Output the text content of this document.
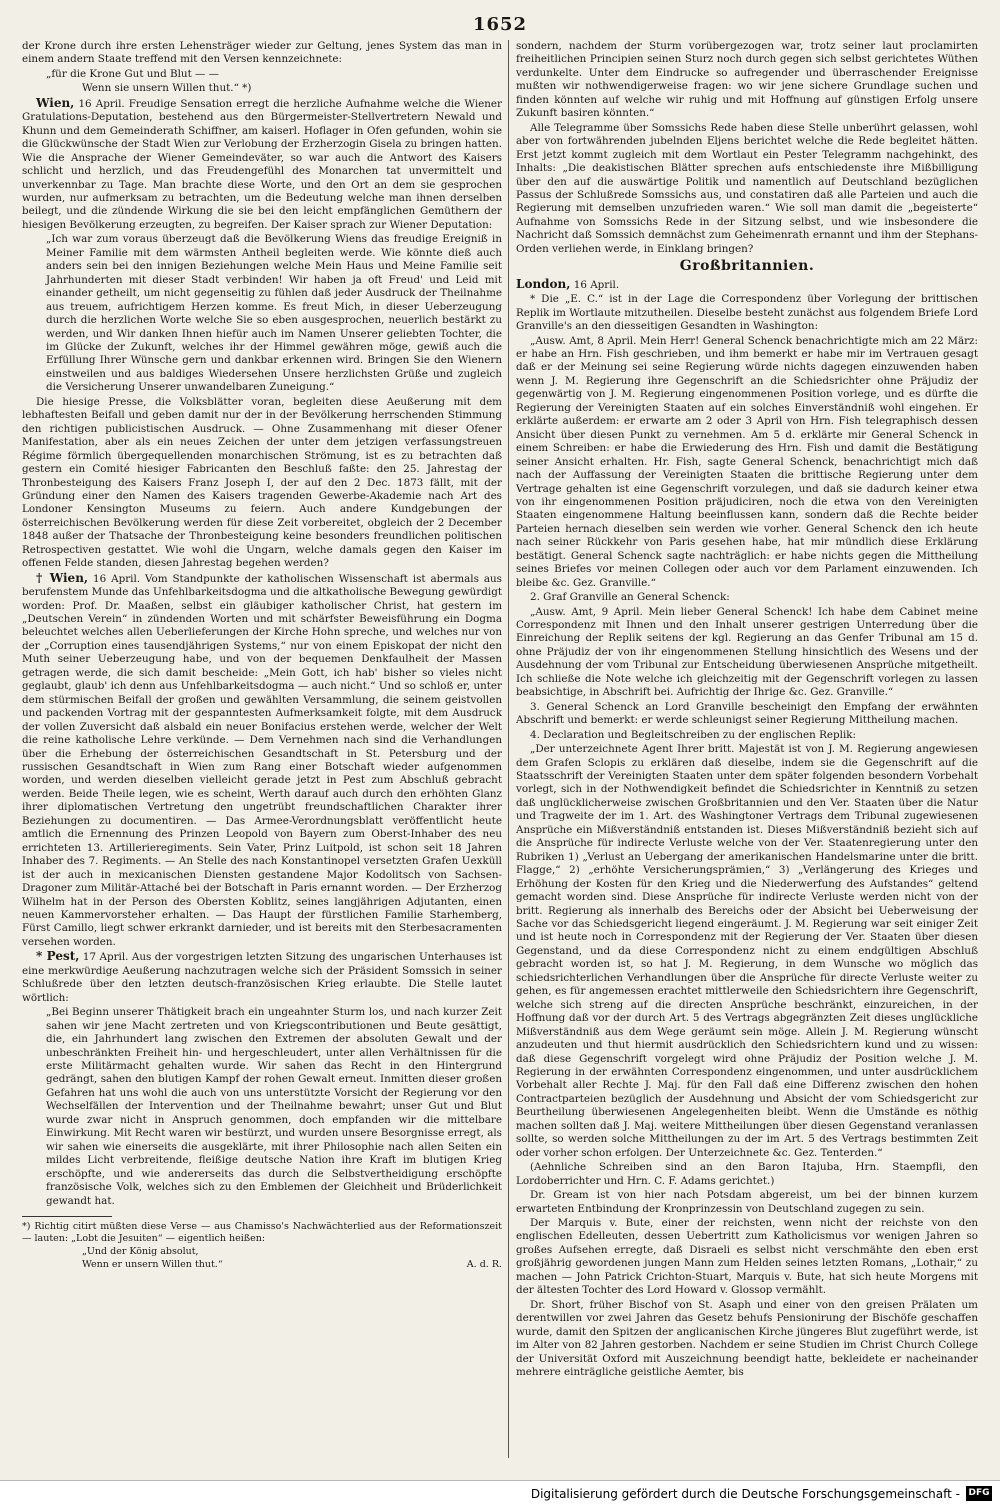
1652

der Krone durch ihre ersten Lehensträger wieder zur Geltung, jenes System das man in einem andern Staate treffend mit den Versen kennzeichnete:

„für die Krone Gut und Blut — —

Wenn sie unsern Willen thut.“ *)

Wien, 16 April. Freudige Sensation erregt die herzliche Aufnahme welche die Wiener Gratulations-Deputation, bestehend aus den Bürgermeister-Stellvertretern Newald und Khunn und dem Gemeinderath Schiffner, am kaiserl. Hoflager in Ofen gefunden, wohin sie die Glückwünsche der Stadt Wien zur Verlobung der Erzherzogin Gisela zu bringen hatten. Wie die Ansprache der Wiener Gemeindeväter, so war auch die Antwort des Kaisers schlicht und herzlich, und das Freudengefühl des Monarchen tat unvermittelt und unverkennbar zu Tage. Man brachte diese Worte, und den Ort an dem sie gesprochen wurden, nur aufmerksam zu betrachten, um die Bedeutung welche man ihnen derselben beilegt, und die zündende Wirkung die sie bei den leicht empfänglichen Gemüthern der hiesigen Bevölkerung erzeugten, zu begreifen. Der Kaiser sprach zur Wiener Deputation:

„Ich war zum voraus überzeugt daß die Bevölkerung Wiens das freudige Ereigniß in Meiner Familie mit dem wärmsten Antheil begleiten werde. Wie könnte dieß auch anders sein bei den innigen Beziehungen welche Mein Haus und Meine Familie seit Jahrhunderten mit dieser Stadt verbinden! Wir haben ja oft Freud' und Leid mit einander getheilt, um nicht gegenseitig zu fühlen daß jeder Ausdruck der Theilnahme aus treuem, aufrichtigem Herzen komme. Es freut Mich, in dieser Ueberzeugung durch die herzlichen Worte welche Sie so eben ausgesprochen, neuerlich bestärkt zu werden, und Wir danken Ihnen hiefür auch im Namen Unserer geliebten Tochter, die im Glücke der Zukunft, welches ihr der Himmel gewähren möge, gewiß auch die Erfüllung Ihrer Wünsche gern und dankbar erkennen wird. Bringen Sie den Wienern einstweilen und aus baldiges Wiedersehen Unsere herzlichsten Grüße und zugleich die Versicherung Unserer unwandelbaren Zuneigung.“

Die hiesige Presse, die Volksblätter voran, begleiten diese Aeußerung mit dem lebhaftesten Beifall und geben damit nur der in der Bevölkerung herrschenden Stimmung den richtigen publicistischen Ausdruck. — Ohne Zusammenhang mit dieser Ofener Manifestation, aber als ein neues Zeichen der unter dem jetzigen verfassungstreuen Régime förmlich übergequellenden monarchischen Strömung, ist es zu betrachten daß gestern ein Comité hiesiger Fabricanten den Beschluß faßte: den 25. Jahrestag der Thronbesteigung des Kaisers Franz Joseph I, der auf den 2 Dec. 1873 fällt, mit der Gründung einer den Namen des Kaisers tragenden Gewerbe-Akademie nach Art des Londoner Kensington Museums zu feiern. Auch andere Kundgebungen der österreichischen Bevölkerung werden für diese Zeit vorbereitet, obgleich der 2 December 1848 außer der Thatsache der Thronbesteigung keine besonders freundlichen politischen Retrospectiven gestattet. Wie wohl die Ungarn, welche damals gegen den Kaiser im offenen Felde standen, diesen Jahrestag begehen werden?

† Wien, 16 April. Vom Standpunkte der katholischen Wissenschaft ist abermals aus berufenstem Munde das Unfehlbarkeitsdogma und die altkatholische Bewegung gewürdigt worden: Prof. Dr. Maaßen, selbst ein gläubiger katholischer Christ, hat gestern im „Deutschen Verein“ in zündenden Worten und mit schärfster Beweisführung ein Dogma beleuchtet welches allen Ueberlieferungen der Kirche Hohn spreche, und welches nur von der „Corruption eines tausendjährigen Systems,“ nur von einem Episkopat der nicht den Muth seiner Ueberzeugung habe, und von der bequemen Denkfaulheit der Massen getragen werde, die sich damit bescheide: „Mein Gott, ich hab' bisher so vieles nicht geglaubt, glaub' ich denn aus Unfehlbarkeitsdogma — auch nicht.“ Und so schloß er, unter dem stürmischen Beifall der großen und gewählten Versammlung, die seinem geistvollen und packenden Vortrag mit der gespanntesten Aufmerksamkeit folgte, mit dem Ausdruck der vollen Zuversicht daß alsbald ein neuer Bonifacius erstehen werde, welcher der Welt die reine katholische Lehre verkünde. — Dem Vernehmen nach sind die Verhandlungen über die Erhebung der österreichischen Gesandtschaft in St. Petersburg und der russischen Gesandtschaft in Wien zum Rang einer Botschaft wieder aufgenommen worden, und werden dieselben vielleicht gerade jetzt in Pest zum Abschluß gebracht werden. Beide Theile legen, wie es scheint, Werth darauf auch durch den erhöhten Glanz ihrer diplomatischen Vertretung den ungetrübt freundschaftlichen Charakter ihrer Beziehungen zu documentiren. — Das Armee-Verordnungsblatt veröffentlicht heute amtlich die Ernennung des Prinzen Leopold von Bayern zum Oberst-Inhaber des neu errichteten 13. Artillerieregiments. Sein Vater, Prinz Luitpold, ist schon seit 18 Jahren Inhaber des 7. Regiments. — An Stelle des nach Konstantinopel versetzten Grafen Uexküll ist der auch in mexicanischen Diensten gestandene Major Kodolitsch von Sachsen-Dragoner zum Militär-Attaché bei der Botschaft in Paris ernannt worden. — Der Erzherzog Wilhelm hat in der Person des Obersten Koblitz, seines langjährigen Adjutanten, einen neuen Kammervorsteher erhalten. — Das Haupt der fürstlichen Familie Starhemberg, Fürst Camillo, liegt schwer erkrankt darnieder, und ist bereits mit den Sterbesacramenten versehen worden.

* Pest, 17 April. Aus der vorgestrigen letzten Sitzung des ungarischen Unterhauses ist eine merkwürdige Aeußerung nachzutragen welche sich der Präsident Somssich in seiner Schlußrede über den letzten deutsch-französischen Krieg erlaubte. Die Stelle lautet wörtlich:

„Bei Beginn unserer Thätigkeit brach ein ungeahnter Sturm los, und nach kurzer Zeit sahen wir jene Macht zertreten und von Kriegscontributionen und Beute gesättigt, die, ein Jahrhundert lang zwischen den Extremen der absoluten Gewalt und der unbeschränkten Freiheit hin- und hergeschleudert, unter allen Verhältnissen für die erste Militärmacht gehalten wurde. Wir sahen das Recht in den Hintergrund gedrängt, sahen den blutigen Kampf der rohen Gewalt erneut. Inmitten dieser großen Gefahren hat uns wohl die auch von uns unterstützte Vorsicht der Regierung vor den Wechselfällen der Intervention und der Theilnahme bewahrt; unser Gut und Blut wurde zwar nicht in Anspruch genommen, doch empfanden wir die mittelbare Einwirkung. Mit Recht waren wir bestürzt, und wurden unsere Besorgnisse erregt, als wir sahen wie einerseits die ausgeklärte, mit ihrer Philosophie nach allen Seiten ein mildes Licht verbreitende, fleißige deutsche Nation ihre Kraft im blutigen Krieg erschöpfte, und wie andererseits das durch die Selbstvertheidigung erschöpfte französische Volk, welches sich zu den Emblemen der Gleichheit und Brüderlichkeit gewandt hat.

*) Richtig citirt müßten diese Verse — aus Chamisso's Nachwächterlied aus der Reformationszeit — lauten: „Lobt die Jesuiten“ — eigentlich heißen:

„Und der König absolut,

Wenn er unsern Willen thut.“	A. d. R.

sondern, nachdem der Sturm vorübergezogen war, trotz seiner laut proclamirten freiheitlichen Principien seinen Sturz noch durch gegen sich selbst gerichtetes Wüthen verdunkelte. Unter dem Eindrucke so aufregender und überraschender Ereignisse mußten wir nothwendigerweise fragen: wo wir jene sichere Grundlage suchen und finden könnten auf welche wir ruhig und mit Hoffnung auf günstigen Erfolg unsere Zukunft basiren könnten.“

Alle Telegramme über Somssichs Rede haben diese Stelle unberührt gelassen, wohl aber von fortwährenden jubelnden Eljens berichtet welche die Rede begleitet hätten. Erst jetzt kommt zugleich mit dem Wortlaut ein Pester Telegramm nachgehinkt, des Inhalts: „Die deakistischen Blätter sprechen aufs entschiedenste ihre Mißbilligung über den auf die auswärtige Politik und namentlich auf Deutschland bezüglichen Passus der Schlußrede Somssichs aus, und constatiren daß alle Parteien und auch die Regierung mit demselben unzufrieden waren.“ Wie soll man damit die „begeisterte“ Aufnahme von Somssichs Rede in der Sitzung selbst, und wie insbesondere die Nachricht daß Somssich demnächst zum Geheimenrath ernannt und ihm der Stephans-Orden verliehen werde, in Einklang bringen?

Großbritannien.

London, 16 April.

* Die „E. C.“ ist in der Lage die Correspondenz über Vorlegung der brittischen Replik im Wortlaute mitzutheilen. Dieselbe besteht zunächst aus folgendem Briefe Lord Granville's an den diesseitigen Gesandten in Washington:

„Ausw. Amt, 8 April. Mein Herr! General Schenck benachrichtigte mich am 22 März: er habe an Hrn. Fish geschrieben, und ihm bemerkt er habe mir im Vertrauen gesagt daß er der Meinung sei seine Regierung würde nichts dagegen einzuwenden haben wenn J. M. Regierung ihre Gegenschrift an die Schiedsrichter ohne Präjudiz der gegenwärtig von J. M. Regierung eingenommenen Position vorlege, und es dürfte die Regierung der Vereinigten Staaten auf ein solches Einverständniß wohl eingehen. Er erklärte außerdem: er erwarte am 2 oder 3 April von Hrn. Fish telegraphisch dessen Ansicht über diesen Punkt zu vernehmen. Am 5 d. erklärte mir General Schenck in einem Schreiben: er habe die Erwiederung des Hrn. Fish und damit die Bestätigung seiner Ansicht erhalten. Hr. Fish, sagte General Schenck, benachrichtigt mich daß nach der Auffassung der Vereinigten Staaten die brittische Regierung unter dem Vertrage gehalten ist eine Gegenschrift vorzulegen, und daß sie dadurch keiner etwa von ihr eingenommenen Position präjudiciren, noch die etwa von den Vereinigten Staaten eingenommene Haltung beeinflussen kann, sondern daß die Rechte beider Parteien hernach dieselben sein werden wie vorher. General Schenck den ich heute nach seiner Rückkehr von Paris gesehen habe, hat mir mündlich diese Erklärung bestätigt. General Schenck sagte nachträglich: er habe nichts gegen die Mittheilung seines Briefes vor meinen Collegen oder auch vor dem Parlament einzuwenden. Ich bleibe &c. Gez. Granville.“

2. Graf Granville an General Schenck:

„Ausw. Amt, 9 April. Mein lieber General Schenck! Ich habe dem Cabinet meine Correspondenz mit Ihnen und den Inhalt unserer gestrigen Unterredung über die Einreichung der Replik seitens der kgl. Regierung an das Genfer Tribunal am 15 d. ohne Präjudiz der von ihr eingenommenen Stellung hinsichtlich des Wesens und der Ausdehnung der vom Tribunal zur Entscheidung überwiesenen Ansprüche mitgetheilt. Ich schließe die Note welche ich gleichzeitig mit der Gegenschrift vorlegen zu lassen beabsichtige, in Abschrift bei. Aufrichtig der Ihrige &c. Gez. Granville.“

3. General Schenck an Lord Granville bescheinigt den Empfang der erwähnten Abschrift und bemerkt: er werde schleunigst seiner Regierung Mittheilung machen.

4. Declaration und Begleitschreiben zu der englischen Replik:

„Der unterzeichnete Agent Ihrer britt. Majestät ist von J. M. Regierung angewiesen dem Grafen Sclopis zu erklären daß dieselbe, indem sie die Gegenschrift auf die Staatsschrift der Vereinigten Staaten unter dem später folgenden besondern Vorbehalt vorlegt, sich in der Nothwendigkeit befindet die Schiedsrichter in Kenntniß zu setzen daß unglücklicherweise zwischen Großbritannien und den Ver. Staaten über die Natur und Tragweite der im 1. Art. des Washingtoner Vertrags dem Tribunal zugewiesenen Ansprüche ein Mißverständniß entstanden ist. Dieses Mißverständniß bezieht sich auf die Ansprüche für indirecte Verluste welche von der Ver. Staatenregierung unter den Rubriken 1) „Verlust an Uebergang der amerikanischen Handelsmarine unter die britt. Flagge,“ 2) „erhöhte Versicherungsprämien,“ 3) „Verlängerung des Krieges und Erhöhung der Kosten für den Krieg und die Niederwerfung des Aufstandes“ geltend gemacht worden sind. Diese Ansprüche für indirecte Verluste werden nicht von der britt. Regierung als innerhalb des Bereichs oder der Absicht bei Ueberweisung der Sache vor das Schiedsgericht liegend eingeräumt. J. M. Regierung war seit einiger Zeit und ist heute noch in Correspondenz mit der Regierung der Ver. Staaten über diesen Gegenstand, und da diese Correspondenz nicht zu einem endgültigen Abschluß gebracht worden ist, so hat J. M. Regierung, in dem Wunsche wo möglich das schiedsrichterlichen Verhandlungen über die Ansprüche für directe Verluste weiter zu gehen, es für angemessen erachtet mittlerweile den Schiedsrichtern ihre Gegenschrift, welche sich streng auf die directen Ansprüche beschränkt, einzureichen, in der Hoffnung daß vor der durch Art. 5 des Vertrags abgegränzten Zeit dieses unglückliche Mißverständniß aus dem Wege geräumt sein möge. Allein J. M. Regierung wünscht anzudeuten und thut hiermit ausdrücklich den Schiedsrichtern kund und zu wissen: daß diese Gegenschrift vorgelegt wird ohne Präjudiz der Position welche J. M. Regierung in der erwähnten Correspondenz eingenommen, und unter ausdrücklichem Vorbehalt aller Rechte J. Maj. für den Fall daß eine Differenz zwischen den hohen Contractparteien bezüglich der Ausdehnung und Absicht der vom Schiedsgericht zur Beurtheilung überwiesenen Angelegenheiten bleibt. Wenn die Umstände es nöthig machen sollten daß J. Maj. weitere Mittheilungen über diesen Gegenstand veranlassen sollte, so werden solche Mittheilungen zu der im Art. 5 des Vertrags bestimmten Zeit oder vorher schon erfolgen. Der Unterzeichnete &c. Gez. Tenterden.“

(Aehnliche Schreiben sind an den Baron Itajuba, Hrn. Staempfli, den Lordoberrichter und Hrn. C. F. Adams gerichtet.)

Dr. Gream ist von hier nach Potsdam abgereist, um bei der binnen kurzem erwarteten Entbindung der Kronprinzessin von Deutschland zugegen zu sein.

Der Marquis v. Bute, einer der reichsten, wenn nicht der reichste von den englischen Edelleuten, dessen Uebertritt zum Katholicismus vor wenigen Jahren so großes Aufsehen erregte, daß Disraeli es selbst nicht verschmähte den eben erst großjährig gewordenen jungen Mann zum Helden seines letzten Romans, „Lothair,“ zu machen — John Patrick Crichton-Stuart, Marquis v. Bute, hat sich heute Morgens mit der ältesten Tochter des Lord Howard v. Glossop vermählt.

Dr. Short, früher Bischof von St. Asaph und einer von den greisen Prälaten um derentwillen vor zwei Jahren das Gesetz behufs Pensionirung der Bischöfe geschaffen wurde, damit den Spitzen der anglicanischen Kirche jüngeres Blut zugeführt werde, ist im Alter von 82 Jahren gestorben. Nachdem er seine Studien im Christ Church College der Universität Oxford mit Auszeichnung beendigt hatte, bekleidete er nacheinander mehrere einträgliche geistliche Aemter, bis

Digitalisierung gefördert durch die Deutsche Forschungsgemeinschaft - DFG
